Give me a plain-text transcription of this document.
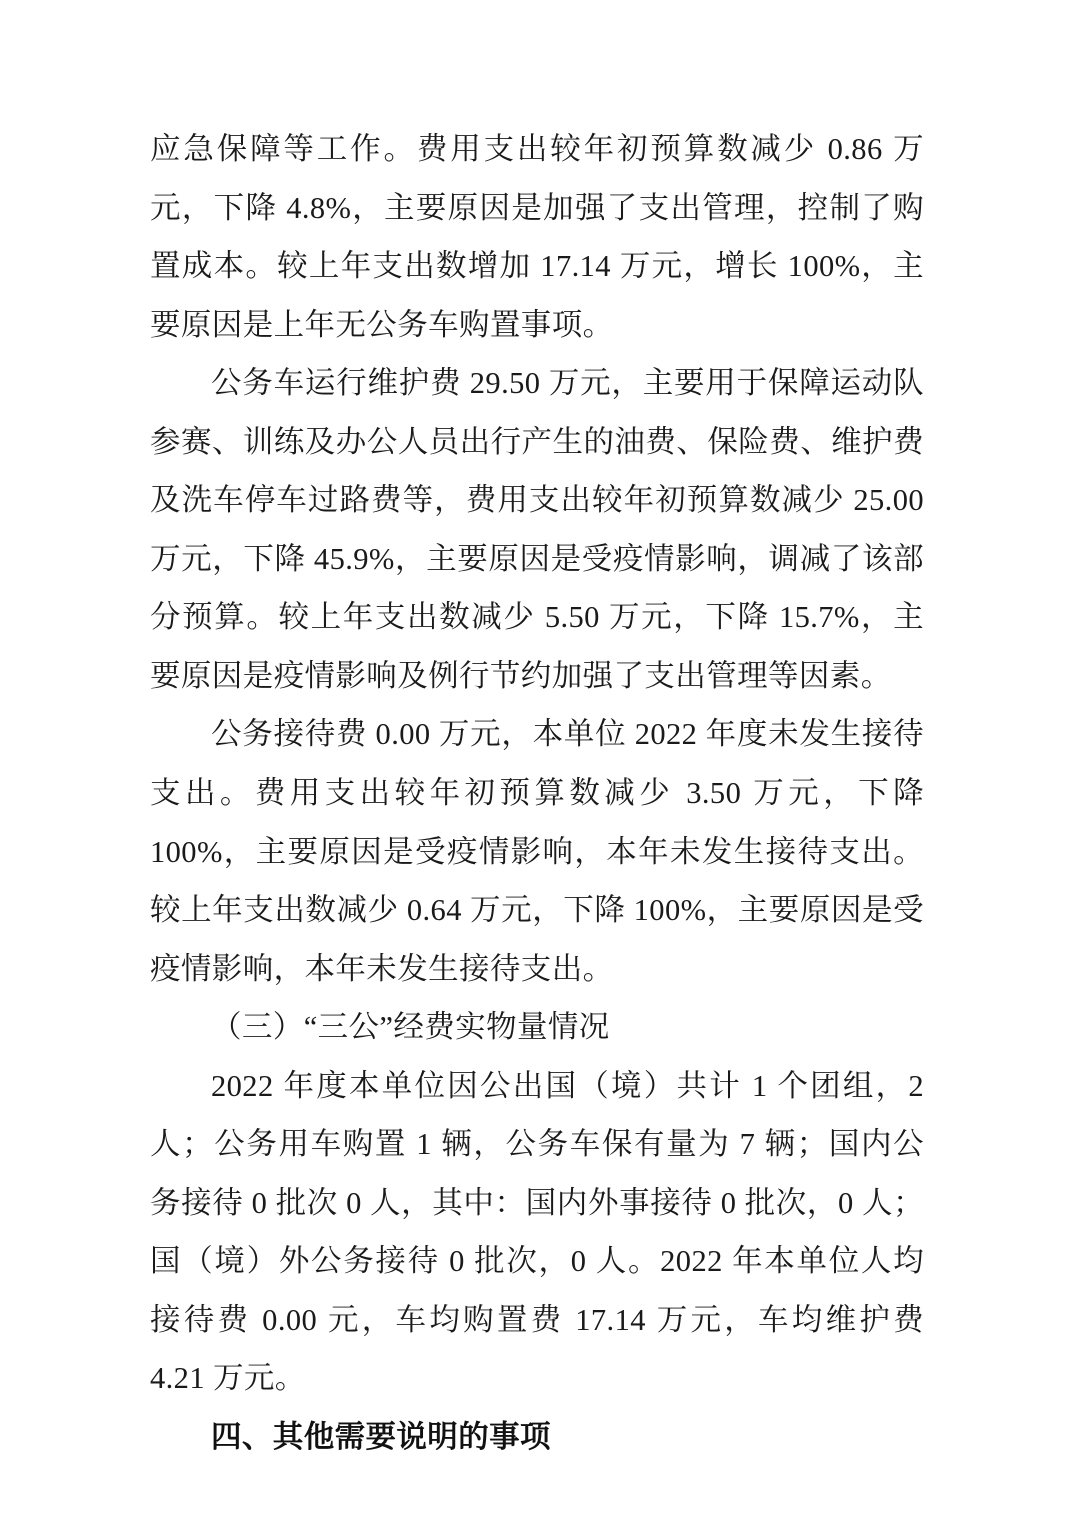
应急保障等工作。费用支出较年初预算数减少 0.86 万元，下降 4.8%，主要原因是加强了支出管理，控制了购置成本。较上年支出数增加 17.14 万元，增长 100%，主要原因是上年无公务车购置事项。

公务车运行维护费 29.50 万元，主要用于保障运动队参赛、训练及办公人员出行产生的油费、保险费、维护费及洗车停车过路费等，费用支出较年初预算数减少 25.00 万元，下降 45.9%，主要原因是受疫情影响，调减了该部分预算。较上年支出数减少 5.50 万元，下降 15.7%，主要原因是疫情影响及例行节约加强了支出管理等因素。

公务接待费 0.00 万元，本单位 2022 年度未发生接待支出。费用支出较年初预算数减少 3.50 万元，下降 100%，主要原因是受疫情影响，本年未发生接待支出。较上年支出数减少 0.64 万元，下降 100%，主要原因是受疫情影响，本年未发生接待支出。

（三）“三公”经费实物量情况

2022 年度本单位因公出国（境）共计 1 个团组，2 人；公务用车购置 1 辆，公务车保有量为 7 辆；国内公务接待 0 批次 0 人，其中：国内外事接待 0 批次，0 人；国（境）外公务接待 0 批次，0 人。2022 年本单位人均接待费 0.00 元，车均购置费 17.14 万元，车均维护费 4.21 万元。

四、其他需要说明的事项
